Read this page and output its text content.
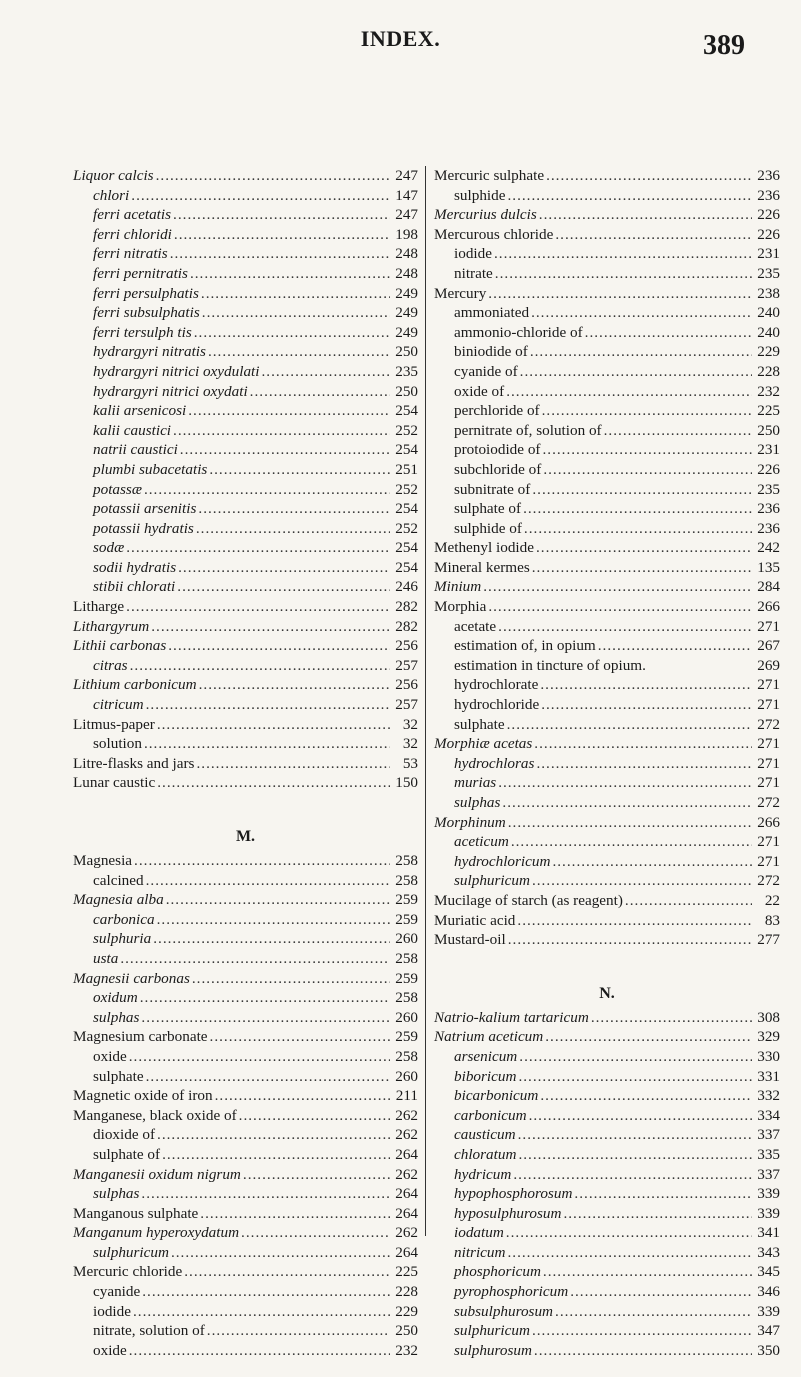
INDEX.	389
Liquor calcis .....	247
chlori .....	147
ferri acetatis .....	247
ferri chloridi .....	198
ferri nitratis .....	248
ferri pernitratis .....	248
ferri persulphatis .....	249
ferri subsulphatis .....	249
ferri tersulph tis .....	249
hydrargyri nitratis .....	250
hydrargyri nitrici oxydulati .....	235
hydrargyri nitrici oxydati .....	250
kalii arsenicosi .....	254
kalii caustici .....	252
natrii caustici .....	254
plumbi subacetatis .....	251
potassæ .....	252
potassii arsenitis .....	254
potassii hydratis .....	252
sodæ .....	254
sodii hydratis .....	254
stibii chlorati .....	246
Litharge .....	282
Lithargyrum .....	282
Lithii carbonas .....	256
citras .....	257
Lithium carbonicum .....	256
citricum .....	257
Litmus-paper .....	32
solution .....	32
Litre-flasks and jars .....	53
Lunar caustic .....	150
M.
Magnesia .....	258
calcined .....	258
Magnesia alba .....	259
carbonica .....	259
sulphuria .....	260
usta .....	258
Magnesii carbonas .....	259
oxidum .....	258
sulphas .....	260
Magnesium carbonate .....	259
oxide .....	258
sulphate .....	260
Magnetic oxide of iron .....	211
Manganese, black oxide of .....	262
dioxide of .....	262
sulphate of .....	264
Manganesii oxidum nigrum .....	262
sulphas .....	264
Manganous sulphate .....	264
Manganum hyperoxydatum .....	262
sulphuricum .....	264
Mercuric chloride .....	225
cyanide .....	228
iodide .....	229
nitrate, solution of .....	250
oxide .....	232
Mercuric sulphate .....	236
sulphide .....	236
Mercurius dulcis .....	226
Mercurous chloride .....	226
iodide .....	231
nitrate .....	235
Mercury .....	238
ammoniated .....	240
ammonio-chloride of .....	240
biniodide of .....	229
cyanide of .....	228
oxide of .....	232
perchloride of .....	225
pernitrate of, solution of .....	250
protoiodide of .....	231
subchloride of .....	226
subnitrate of .....	235
sulphate of .....	236
sulphide of .....	236
Methenyl iodide .....	242
Mineral kermes .....	135
Minium .....	284
Morphia .....	266
acetate .....	271
estimation of, in opium .....	267
estimation in tincture of opium.	269
hydrochlorate .....	271
hydrochloride .....	271
sulphate .....	272
Morphiæ acetas .....	271
hydrochloras .....	271
murias .....	271
sulphas .....	272
Morphinum .....	266
aceticum .....	271
hydrochloricum .....	271
sulphuricum .....	272
Mucilage of starch (as reagent) .....	22
Muriatic acid .....	83
Mustard-oil .....	277
N.
Natrio-kalium tartaricum .....	308
Natrium aceticum .....	329
arsenicum .....	330
biboricum .....	331
bicarbonicum .....	332
carbonicum .....	334
causticum .....	337
chloratum .....	335
hydricum .....	337
hypophosphorosum .....	339
hyposulphurosum .....	339
iodatum .....	341
nitricum .....	343
phosphoricum .....	345
pyrophosphoricum .....	346
subsulphurosum .....	339
sulphuricum .....	347
sulphurosum .....	350
